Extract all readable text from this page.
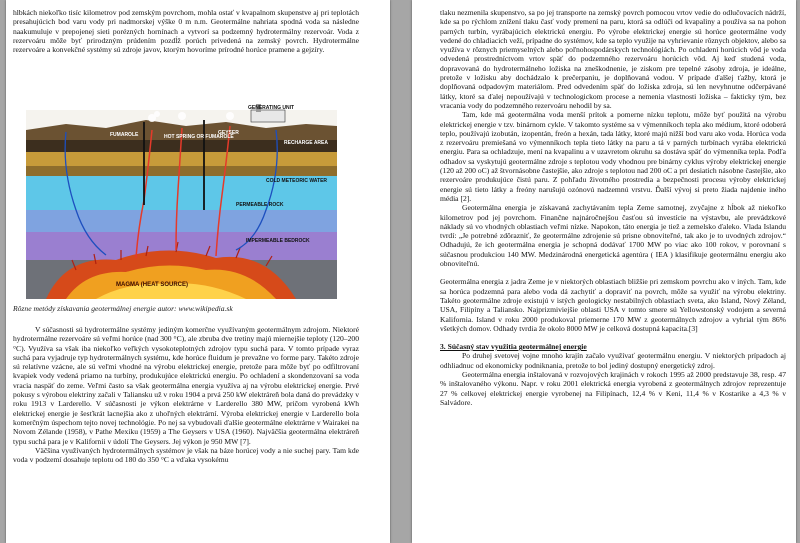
hlbkách niekoľko tisíc kilometrov pod zemským povrchom, mohla ostať v kvapalnom skupenstve aj pri teplotách presahujúcich bod varu vody pri nadmorskej výške 0 m n.m. Geotermálne nahriata spodná voda sa následne naakumuluje v prepojenej sieti porézných hornínach a vytvorí sa podzemný hydrotermálny rezervoár. Voda z rezervoáru môže byť prirodzným prúdením pozdĺž porúch privedená na zemský povrch. Hydrotermálne rezervoáre a konvekčné systémy sú zdroje javov, ktorým hovoríme prírodné horúce pramene a gejzíry.

GENERATING UNIT
FUMAROLE	HOT SPRING OR FUMAROLE
GEYSER
RECHARGE AREA
COLD METEORIC WATER
PERMEABLE ROCK
IMPERMEABLE BEDROCK
MAGMA (HEAT SOURCE)
Rôzne metódy získavania geotermálnej energie autor: www.wikipedia.sk

V súčasnosti sú hydrotermálne systémy jediným komerčne využívaným geotermálnym zdrojom. Niektoré hydrotermálne rezervoáre sú veľmi horúce (nad 300 °C), ale zbruba dve tretiny majú miernejšie teploty (120–200 °C). Využíva sa však iba niekoľko veľkých vysokoteplotných zdrojov typu suchá para. V tomto prípade vyraz suchá para vyjadruje typ hydrotermálnych systému, kde horúce fluidum je prevažne vo forme pary. Takéto zdroje sú relatívne vzácne, ale sú veľmi vhodné na výrobu elektrickej energie, pretože para môže byť po odfiltrovaní kvapiek vody vedená priamo na turbíny, produkujúce elektrickú energiu. Po ochladení a skondenzovaní sa voda vracia naspäť do zeme. Veľmi často sa však geotermálna energia využíva aj na výrobu elektrickej energie. Prvé pokusy s výrobou elektriny začali v Taliansku už v roku 1904 a prvá 250 kW elektráreň bola daná do prevádzky v roku 1913 v Larderello. V súčasnosti je výkon elektrárne v Larderello 380 MW, pričom vyrobená kWh elektrickej energie je šesťkrát lacnejšia ako z uhoľných elektrární. Výroba elektrickej energie v Larderello bola komerčným úspechom tejto novej technológie. Po nej sa vybudovali ďalšie geotermálne elektrárne v Wairakei na Novom Zélande (1958), v Pathe Mexiku (1959) a The Geysers v USA (1960). Najväčšia geotermálna elektráreň typu suchá para je v Kalifornii v údolí The Geysers. Jej výkon je 950 MW [7].

Väčšina využívaných hydrotermálnych systémov je však na báze horúcej vody a nie suchej pary. Tam kde voda v podzemí dosahuje teplotu od 180 do 350 °C a vďaka vysokému

tlaku nezmenila skupenstvo, sa po jej transporte na zemský povrch pomocou vrtov vedie do odlučovacích nádrží, kde sa po rýchlom znížení tlaku časť vody premení na paru, ktorá sa odlúči od kvapaliny a používa sa na pohon parných turbín, vyrábajúcich elektrickú energiu. Po výrobe elektrickej energie sú horúce geotermálne vody vedené do chladiacich veží, prípadne do systémov, kde sa teplo využije na vyhrievanie rôznych objektov, alebo sa využíva v rôznych priemyselných alebo poľnohospodárskych technológiách. Po ochladení horúcich vôd je voda odvedená prostredníctvom vrtov späť do podzemného rezervoáru horúcich vôd. Aj keď studená voda, dopravovaná do hydrotermálneho ložiska na zneškodnenie, je ziskom pre tepelné zásoby zdroja, je ideálne, pretože v ložisku aby dochádzalo k prečerpaniu, je doplňovaná vodou. V prípade ďalšej ťažby, ktorá je doplňovaná odpadovým materiálom. Pred odvedením späť do ložiska zdroja, sú len nevyhnutne odčerpávané látky, ktoré sa ďalej nepoužívajú v technologickom procese a nemenia vlastnosti ložiska – fakticky tým, bez vracania vody do podzemného rezervoáru nehodil by sa.

Tam, kde má geotermálna voda menší prítok a pomerne nízku teplotu, môže byť použitá na výrobu elektrickej energie v tzv. binárnom cykle. V takomto systéme sa v výmenníkoch tepla ako médium, ktoré odoberá teplo, používajú izobután, izopentán, freón a hexán, tada látky, ktoré majú nižší bod varu ako voda. Horúca voda z rezervoáru premiešaná vo výmenníkoch tepla tieto látky na paru a tá v parných turbínach vyrába elektrickú energiu. Para sa ochladzuje, mení na kvapalinu a v uzavretom okruhu sa dostáva späť do výmenníka tepla. Podľa odhadov sa vyskytujú geotermálne zdroje s teplotou vody vhodnou pre binárny cyklus výroby elektrickej energie (120 až 200 oC) až štvornásobne častejšie, ako zdroje s teplotou nad 200 oC a pri desiatich násobne častejšie, ako rezervoáre produkujúce čistú paru. Z pohľadu životného prostredia a bezpečnosti procesu výroby elektrickej energie sú tieto látky a freóny narušujú ozónovú nadzemnú vrstvu. Ďalší vývoj si preto žiada najdenie iného média [2].

Geotermálna energia je získavaná zachytávaním tepla Zeme samotnej, zvyčajne z hĺbok až niekoľko kilometrov pod jej povrchom. Finančne najnáročnejšou časťou sú investície na výstavbu, ale prevádzkové náklady sú vo vhodných oblastiach veľmi nízke. Napokon, táto energia je tiež a zemelsko ďaleko. Vlada Islandu tvrdí: „Je potrebné zdôrazniť, že geotermálne zdrojenie sú prisne obnoviteľné, tak ako je to uvodných zdrojov.“ Odhadujú, že ich geotermálna energia je schopná dodávať 1700 MW po viac ako 100 rokov, v porovnaní s súčasnou produkciou 140 MW. Medzinárodná energetická agentúra ( IEA ) klasifikuje geotermálnu energiu ako obnoviteľnú.

Geotermálna energia z jadra Zeme je v niektorých oblastiach bližšie pri zemskom povrchu ako v iných. Tam, kde sa horúca podzemná para alebo voda dá zachytiť a dopraviť na povrch, môže sa využiť na výrobu elektriny. Takéto geotermálne zdroje existujú v istých geologicky nestabilných oblastiach sveta, ako Island, Nový Zéland, USA, Filipíny a Taliansko. Najprizmiviejšie oblasti USA v tomto smere sú Yellowstonský vodojem a severná Kalifornia. Island v roku 2000 produkoval priemerne 170 MW z geotermálnych zdrojov a vyhrial tým 86% všetkých domov. Odhady tvrdia že okolo 8000 MW je celková dostupná kapacita.[3]

3. Súčasný stav využitia geotermálnej energie

Po druhej svetovej vojne mnoho krajín začalo využívať geotermálnu energiu. V niektorých prípadoch aj odhliadnuc od ekonomicky podniknania, pretože to bol jediný dostupný energetický zdroj.

Geotermálna energia inštalovaná v rozvojových krajinách v rokoch 1995 až 2000 predstavuje 38, resp. 47 % inštalovaného výkonu. Napr. v roku 2001 elektrická energia vyrobená z geotermálnych zdrojov reprezentuje 27 % celkovej elektrickej energie vyrobenej na Filipínach, 12,4 % v Keni, 11,4 % v Kostarike a 4,3 % v Salvádore.
